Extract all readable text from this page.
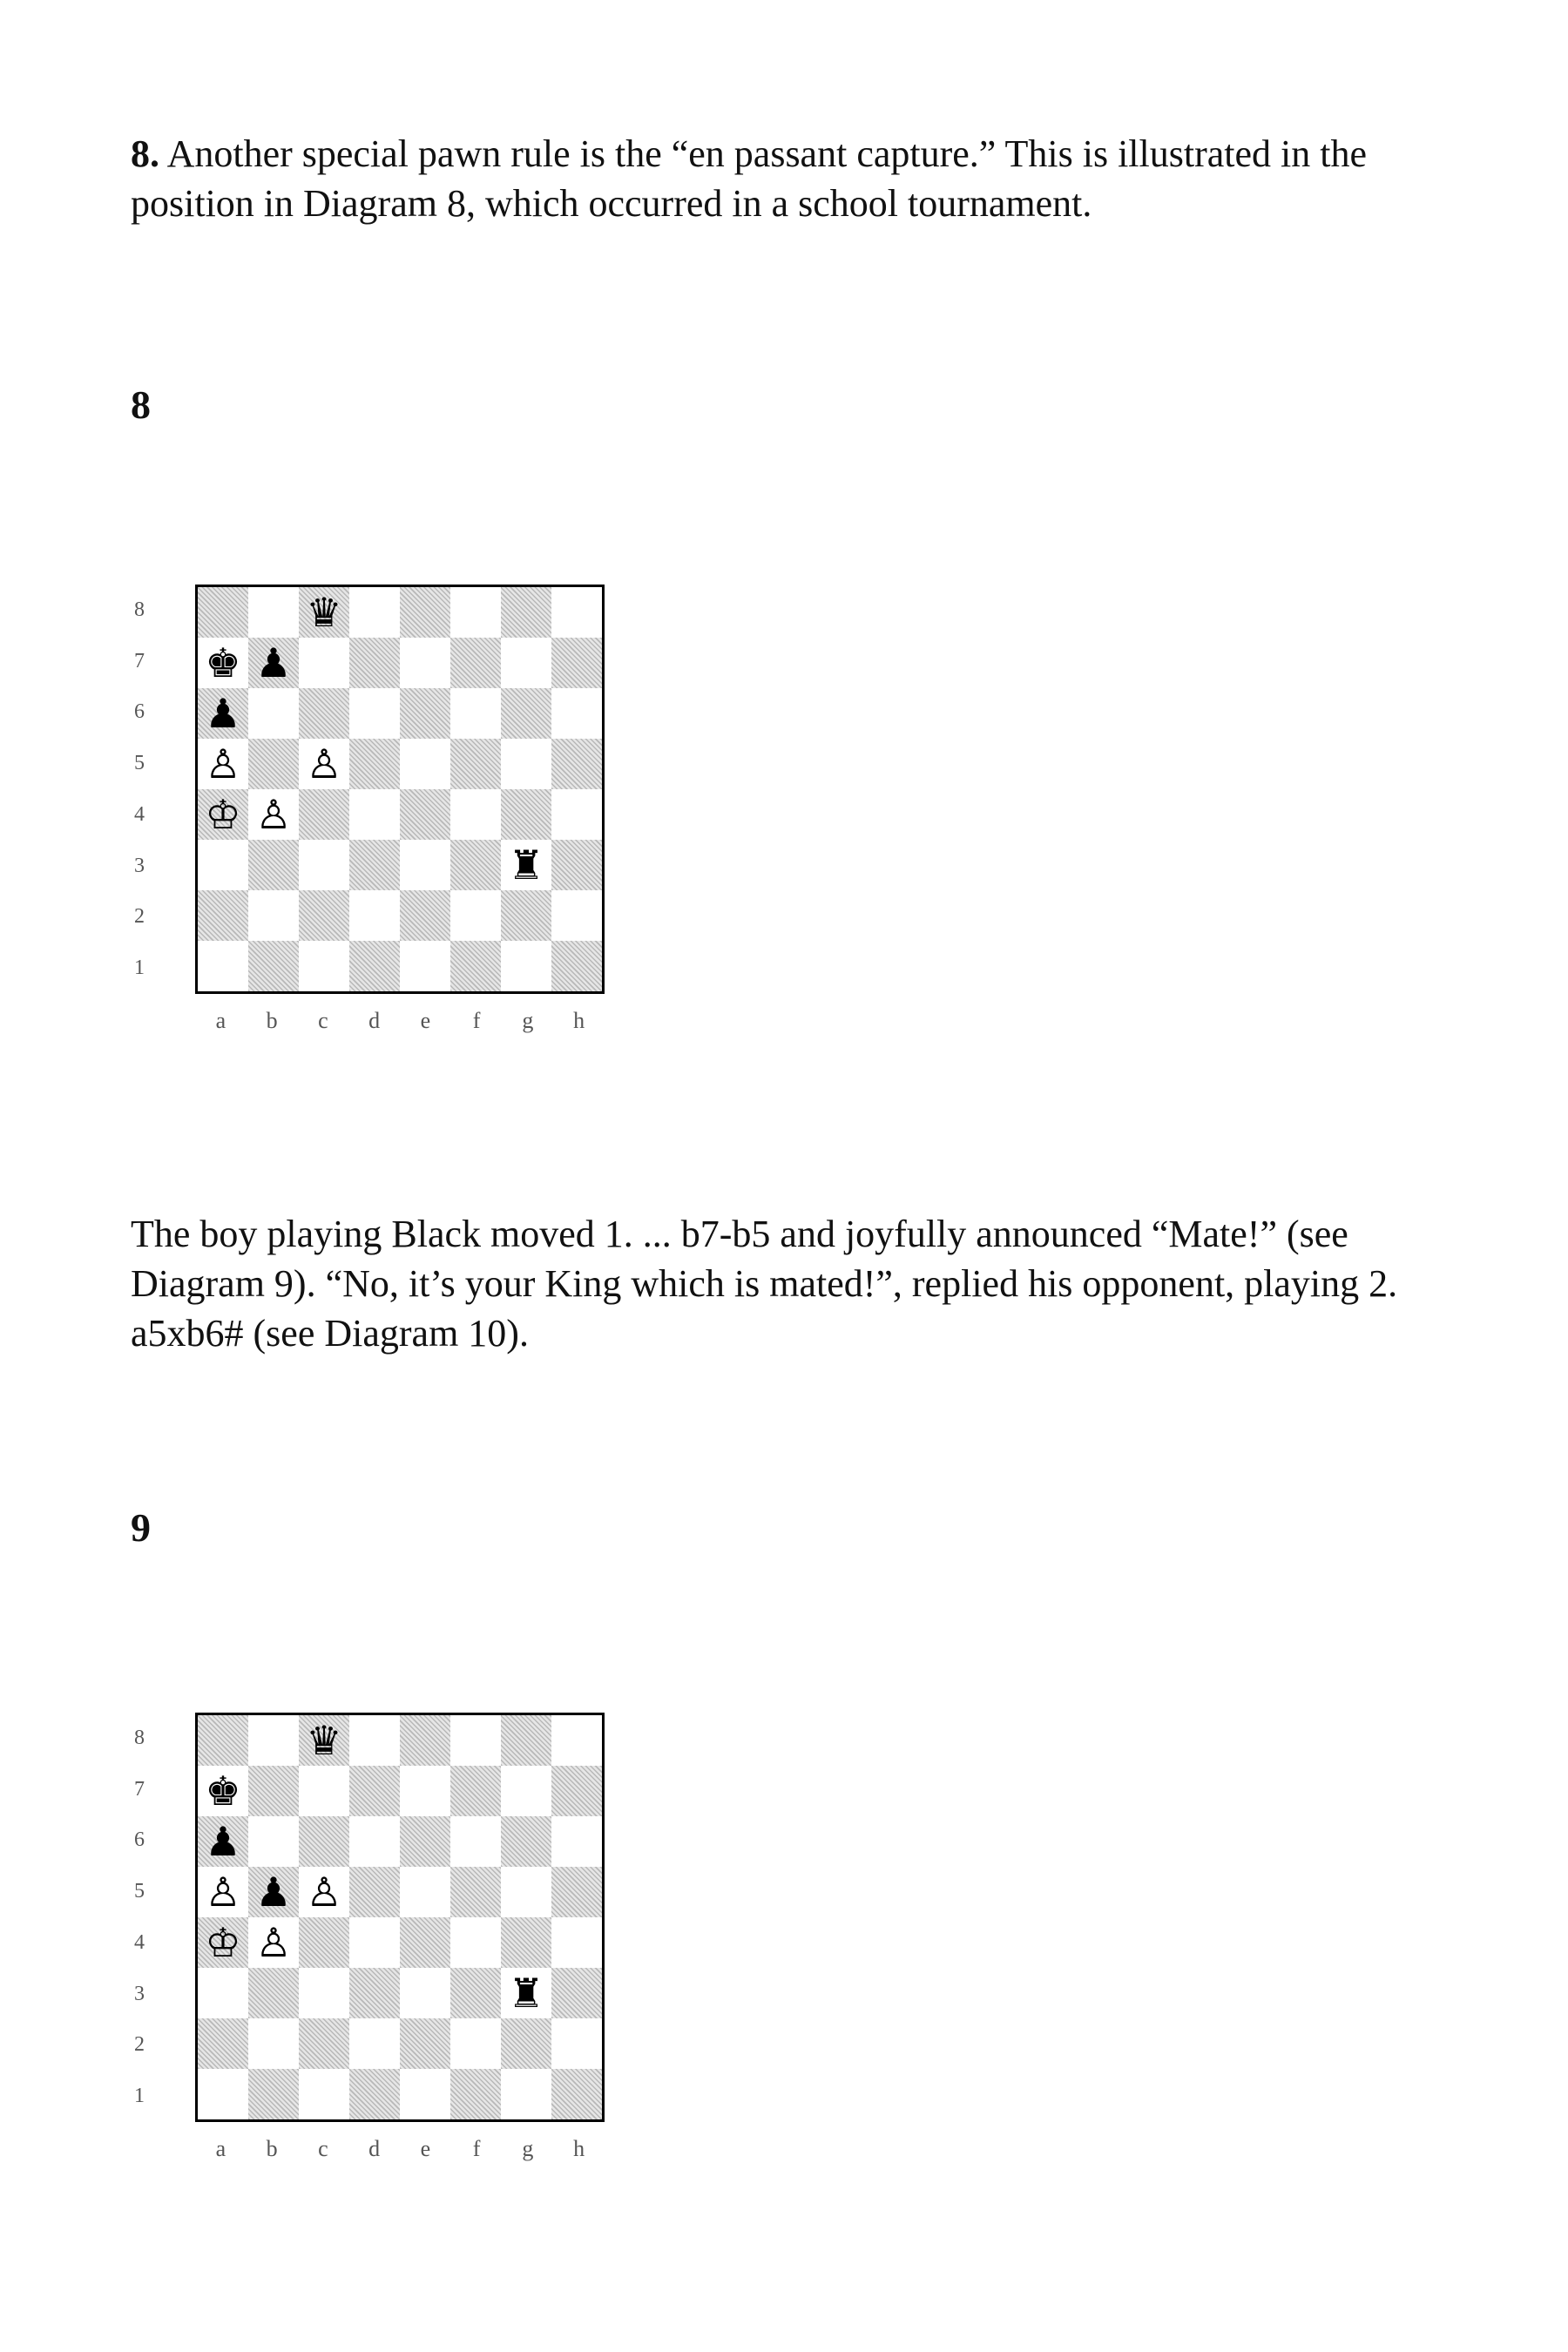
8. Another special pawn rule is the “en passant capture.” This is illustrated in the position in Diagram 8, which occurred in a school tournament.

8
8
7
6
5
4
3
2
1
♛
♚ ♟
♟
♙ ♙
♔ ♙
♜
a	b	c	d	e	f	g	h

The boy playing Black moved 1. ... b7-b5 and joyfully announced “Mate!” (see Diagram 9). “No, it’s your King which is mated!”, replied his opponent, playing 2. a5xb6# (see Diagram 10).

9
8
7
6
5
4
3
2
1
♛
♚
♟
♙ ♟ ♙
♔ ♙
♜
a	b	c	d	e	f	g	h
